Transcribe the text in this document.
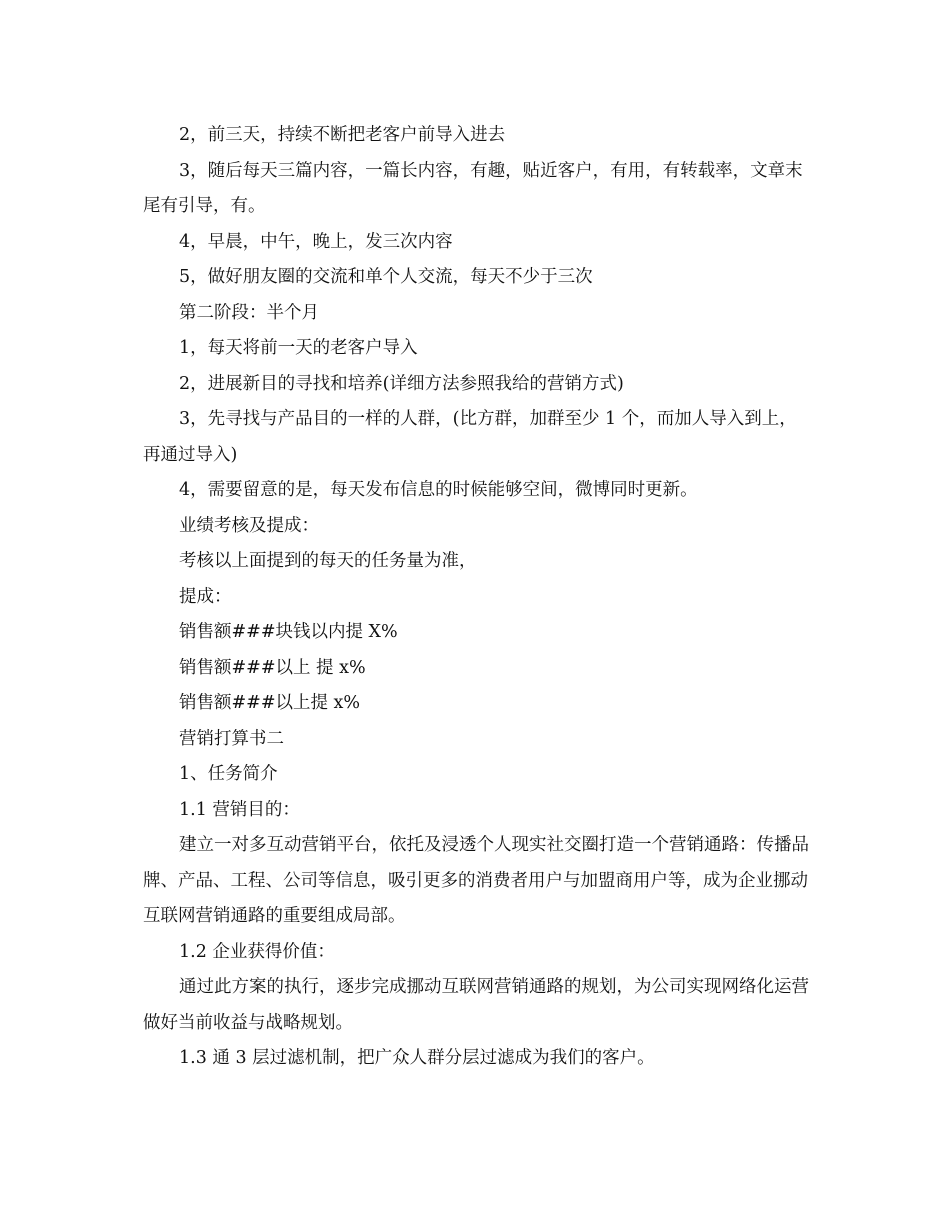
2，前三天，持续不断把老客户前导入进去

3，随后每天三篇内容，一篇长内容，有趣，贴近客户，有用，有转载率，文章末尾有引导，有。

4，早晨，中午，晚上，发三次内容

5，做好朋友圈的交流和单个人交流，每天不少于三次

第二阶段：半个月

1，每天将前一天的老客户导入

2，进展新目的寻找和培养(详细方法参照我给的营销方式)

3，先寻找与产品目的一样的人群，(比方群，加群至少 1 个，而加人导入到上，再通过导入)

4，需要留意的是，每天发布信息的时候能够空间，微博同时更新。

业绩考核及提成：

考核以上面提到的每天的任务量为准，

提成：

销售额###块钱以内提 X%

销售额###以上 提 x%

销售额###以上提 x%

营销打算书二

1、任务简介

1.1 营销目的：

建立一对多互动营销平台，依托及浸透个人现实社交圈打造一个营销通路：传播品牌、产品、工程、公司等信息，吸引更多的消费者用户与加盟商用户等，成为企业挪动互联网营销通路的重要组成局部。

1.2 企业获得价值：

通过此方案的执行，逐步完成挪动互联网营销通路的规划，为公司实现网络化运营做好当前收益与战略规划。

1.3 通 3 层过滤机制，把广众人群分层过滤成为我们的客户。
